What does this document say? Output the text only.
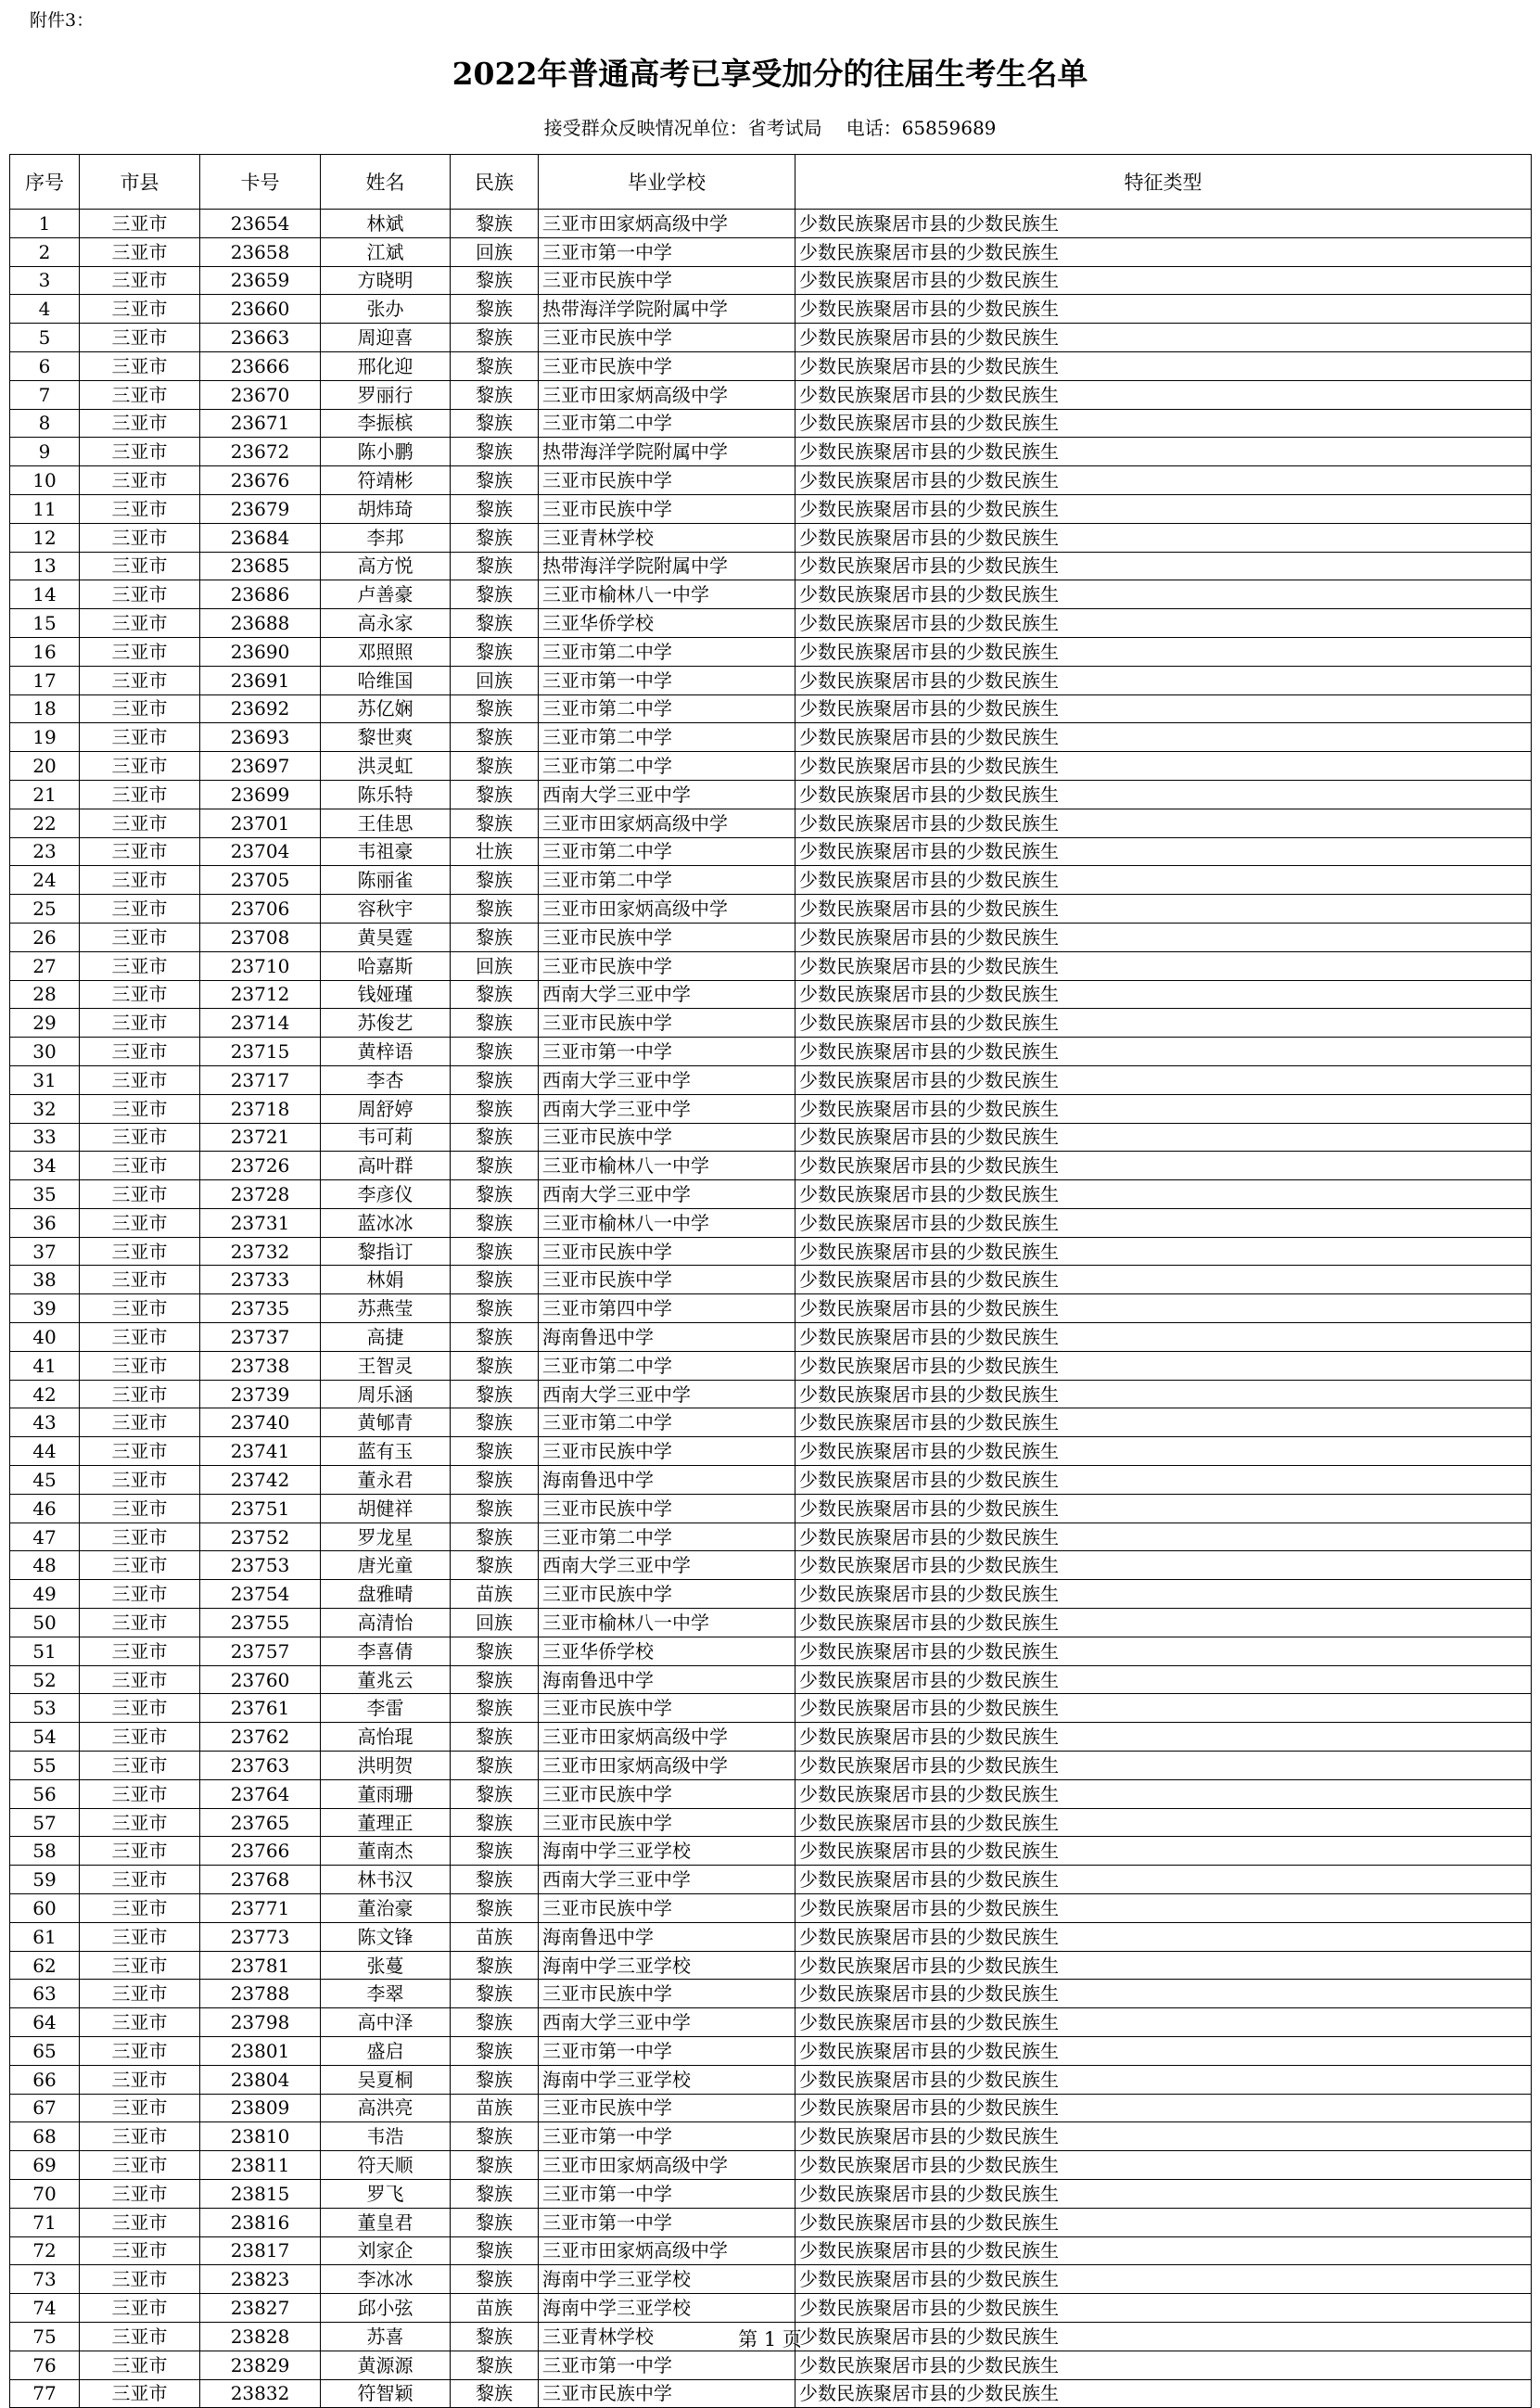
附件3：
2022年普通高考已享受加分的往届生考生名单
接受群众反映情况单位：省考试局 电话：65859689
序号	市县	卡号	姓名	民族	毕业学校	特征类型
1	三亚市	23654	林斌	黎族	三亚市田家炳高级中学	少数民族聚居市县的少数民族生
2	三亚市	23658	江斌	回族	三亚市第一中学	少数民族聚居市县的少数民族生
3	三亚市	23659	方晓明	黎族	三亚市民族中学	少数民族聚居市县的少数民族生
4	三亚市	23660	张办	黎族	热带海洋学院附属中学	少数民族聚居市县的少数民族生
5	三亚市	23663	周迎喜	黎族	三亚市民族中学	少数民族聚居市县的少数民族生
6	三亚市	23666	邢化迎	黎族	三亚市民族中学	少数民族聚居市县的少数民族生
7	三亚市	23670	罗丽行	黎族	三亚市田家炳高级中学	少数民族聚居市县的少数民族生
8	三亚市	23671	李振槟	黎族	三亚市第二中学	少数民族聚居市县的少数民族生
9	三亚市	23672	陈小鹏	黎族	热带海洋学院附属中学	少数民族聚居市县的少数民族生
10	三亚市	23676	符靖彬	黎族	三亚市民族中学	少数民族聚居市县的少数民族生
11	三亚市	23679	胡炜琦	黎族	三亚市民族中学	少数民族聚居市县的少数民族生
12	三亚市	23684	李邦	黎族	三亚青林学校	少数民族聚居市县的少数民族生
13	三亚市	23685	高方悦	黎族	热带海洋学院附属中学	少数民族聚居市县的少数民族生
14	三亚市	23686	卢善豪	黎族	三亚市榆林八一中学	少数民族聚居市县的少数民族生
15	三亚市	23688	高永家	黎族	三亚华侨学校	少数民族聚居市县的少数民族生
16	三亚市	23690	邓照照	黎族	三亚市第二中学	少数民族聚居市县的少数民族生
17	三亚市	23691	哈维国	回族	三亚市第一中学	少数民族聚居市县的少数民族生
18	三亚市	23692	苏亿娴	黎族	三亚市第二中学	少数民族聚居市县的少数民族生
19	三亚市	23693	黎世爽	黎族	三亚市第二中学	少数民族聚居市县的少数民族生
20	三亚市	23697	洪灵虹	黎族	三亚市第二中学	少数民族聚居市县的少数民族生
21	三亚市	23699	陈乐特	黎族	西南大学三亚中学	少数民族聚居市县的少数民族生
22	三亚市	23701	王佳思	黎族	三亚市田家炳高级中学	少数民族聚居市县的少数民族生
23	三亚市	23704	韦祖豪	壮族	三亚市第二中学	少数民族聚居市县的少数民族生
24	三亚市	23705	陈丽雀	黎族	三亚市第二中学	少数民族聚居市县的少数民族生
25	三亚市	23706	容秋宇	黎族	三亚市田家炳高级中学	少数民族聚居市县的少数民族生
26	三亚市	23708	黄昊霆	黎族	三亚市民族中学	少数民族聚居市县的少数民族生
27	三亚市	23710	哈嘉斯	回族	三亚市民族中学	少数民族聚居市县的少数民族生
28	三亚市	23712	钱娅瑾	黎族	西南大学三亚中学	少数民族聚居市县的少数民族生
29	三亚市	23714	苏俊艺	黎族	三亚市民族中学	少数民族聚居市县的少数民族生
30	三亚市	23715	黄梓语	黎族	三亚市第一中学	少数民族聚居市县的少数民族生
31	三亚市	23717	李杏	黎族	西南大学三亚中学	少数民族聚居市县的少数民族生
32	三亚市	23718	周舒婷	黎族	西南大学三亚中学	少数民族聚居市县的少数民族生
33	三亚市	23721	韦可莉	黎族	三亚市民族中学	少数民族聚居市县的少数民族生
34	三亚市	23726	高叶群	黎族	三亚市榆林八一中学	少数民族聚居市县的少数民族生
35	三亚市	23728	李彦仪	黎族	西南大学三亚中学	少数民族聚居市县的少数民族生
36	三亚市	23731	蓝冰冰	黎族	三亚市榆林八一中学	少数民族聚居市县的少数民族生
37	三亚市	23732	黎指订	黎族	三亚市民族中学	少数民族聚居市县的少数民族生
38	三亚市	23733	林娟	黎族	三亚市民族中学	少数民族聚居市县的少数民族生
39	三亚市	23735	苏燕莹	黎族	三亚市第四中学	少数民族聚居市县的少数民族生
40	三亚市	23737	高捷	黎族	海南鲁迅中学	少数民族聚居市县的少数民族生
41	三亚市	23738	王智灵	黎族	三亚市第二中学	少数民族聚居市县的少数民族生
42	三亚市	23739	周乐涵	黎族	西南大学三亚中学	少数民族聚居市县的少数民族生
43	三亚市	23740	黄郇青	黎族	三亚市第二中学	少数民族聚居市县的少数民族生
44	三亚市	23741	蓝有玉	黎族	三亚市民族中学	少数民族聚居市县的少数民族生
45	三亚市	23742	董永君	黎族	海南鲁迅中学	少数民族聚居市县的少数民族生
46	三亚市	23751	胡健祥	黎族	三亚市民族中学	少数民族聚居市县的少数民族生
47	三亚市	23752	罗龙星	黎族	三亚市第二中学	少数民族聚居市县的少数民族生
48	三亚市	23753	唐光童	黎族	西南大学三亚中学	少数民族聚居市县的少数民族生
49	三亚市	23754	盘雅晴	苗族	三亚市民族中学	少数民族聚居市县的少数民族生
50	三亚市	23755	高清怡	回族	三亚市榆林八一中学	少数民族聚居市县的少数民族生
51	三亚市	23757	李喜倩	黎族	三亚华侨学校	少数民族聚居市县的少数民族生
52	三亚市	23760	董兆云	黎族	海南鲁迅中学	少数民族聚居市县的少数民族生
53	三亚市	23761	李雷	黎族	三亚市民族中学	少数民族聚居市县的少数民族生
54	三亚市	23762	高怡琨	黎族	三亚市田家炳高级中学	少数民族聚居市县的少数民族生
55	三亚市	23763	洪明贺	黎族	三亚市田家炳高级中学	少数民族聚居市县的少数民族生
56	三亚市	23764	董雨珊	黎族	三亚市民族中学	少数民族聚居市县的少数民族生
57	三亚市	23765	董理正	黎族	三亚市民族中学	少数民族聚居市县的少数民族生
58	三亚市	23766	董南杰	黎族	海南中学三亚学校	少数民族聚居市县的少数民族生
59	三亚市	23768	林书汉	黎族	西南大学三亚中学	少数民族聚居市县的少数民族生
60	三亚市	23771	董治豪	黎族	三亚市民族中学	少数民族聚居市县的少数民族生
61	三亚市	23773	陈文锋	苗族	海南鲁迅中学	少数民族聚居市县的少数民族生
62	三亚市	23781	张蔓	黎族	海南中学三亚学校	少数民族聚居市县的少数民族生
63	三亚市	23788	李翠	黎族	三亚市民族中学	少数民族聚居市县的少数民族生
64	三亚市	23798	高中泽	黎族	西南大学三亚中学	少数民族聚居市县的少数民族生
65	三亚市	23801	盛启	黎族	三亚市第一中学	少数民族聚居市县的少数民族生
66	三亚市	23804	吴夏桐	黎族	海南中学三亚学校	少数民族聚居市县的少数民族生
67	三亚市	23809	高洪亮	苗族	三亚市民族中学	少数民族聚居市县的少数民族生
68	三亚市	23810	韦浩	黎族	三亚市第一中学	少数民族聚居市县的少数民族生
69	三亚市	23811	符天顺	黎族	三亚市田家炳高级中学	少数民族聚居市县的少数民族生
70	三亚市	23815	罗飞	黎族	三亚市第一中学	少数民族聚居市县的少数民族生
71	三亚市	23816	董皇君	黎族	三亚市第一中学	少数民族聚居市县的少数民族生
72	三亚市	23817	刘家企	黎族	三亚市田家炳高级中学	少数民族聚居市县的少数民族生
73	三亚市	23823	李冰冰	黎族	海南中学三亚学校	少数民族聚居市县的少数民族生
74	三亚市	23827	邱小弦	苗族	海南中学三亚学校	少数民族聚居市县的少数民族生
75	三亚市	23828	苏喜	黎族	三亚青林学校	少数民族聚居市县的少数民族生
76	三亚市	23829	黄源源	黎族	三亚市第一中学	少数民族聚居市县的少数民族生
77	三亚市	23832	符智颖	黎族	三亚市民族中学	少数民族聚居市县的少数民族生
第 1 页
